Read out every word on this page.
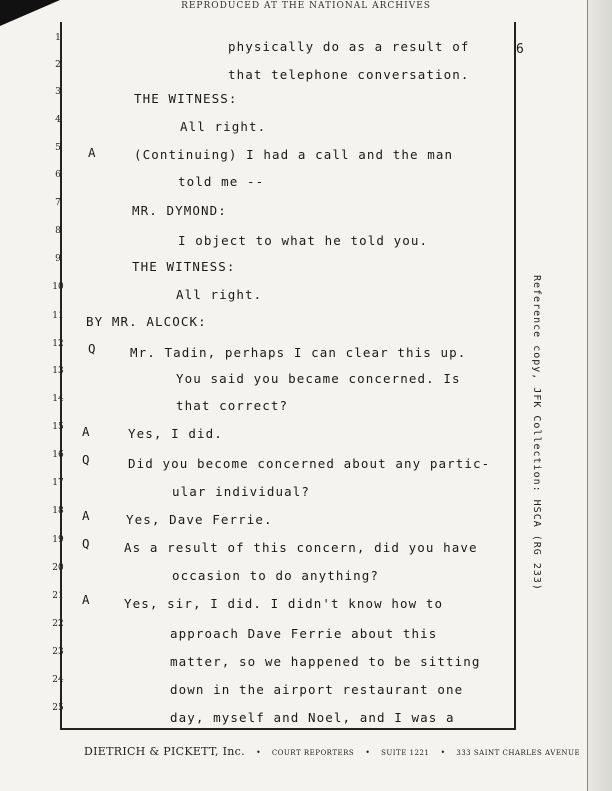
REPRODUCED AT THE NATIONAL ARCHIVES
6
1
2
3
4
5
6
7
8
9
10
11
12
13
14
15
16
17
18
19
20
21
22
23
24
25
A
Q
A
Q
A
Q
A
physically do as a result of
that telephone conversation.
THE WITNESS:
All right.
(Continuing) I had a call and the man
told me --
MR. DYMOND:
I object to what he told you.
THE WITNESS:
All right.
BY MR. ALCOCK:
Mr. Tadin, perhaps I can clear this up.
You said you became concerned. Is
that correct?
Yes, I did.
Did you become concerned about any partic-
ular individual?
Yes, Dave Ferrie.
As a result of this concern, did you have
occasion to do anything?
Yes, sir, I did. I didn't know how to
approach Dave Ferrie about this
matter, so we happened to be sitting
down in the airport restaurant one
day, myself and Noel, and I was a
Reference copy, JFK Collection: HSCA (RG 233)
DIETRICH & PICKETT, Inc. • COURT REPORTERS • SUITE 1221 • 333 SAINT CHARLES AVENUE
